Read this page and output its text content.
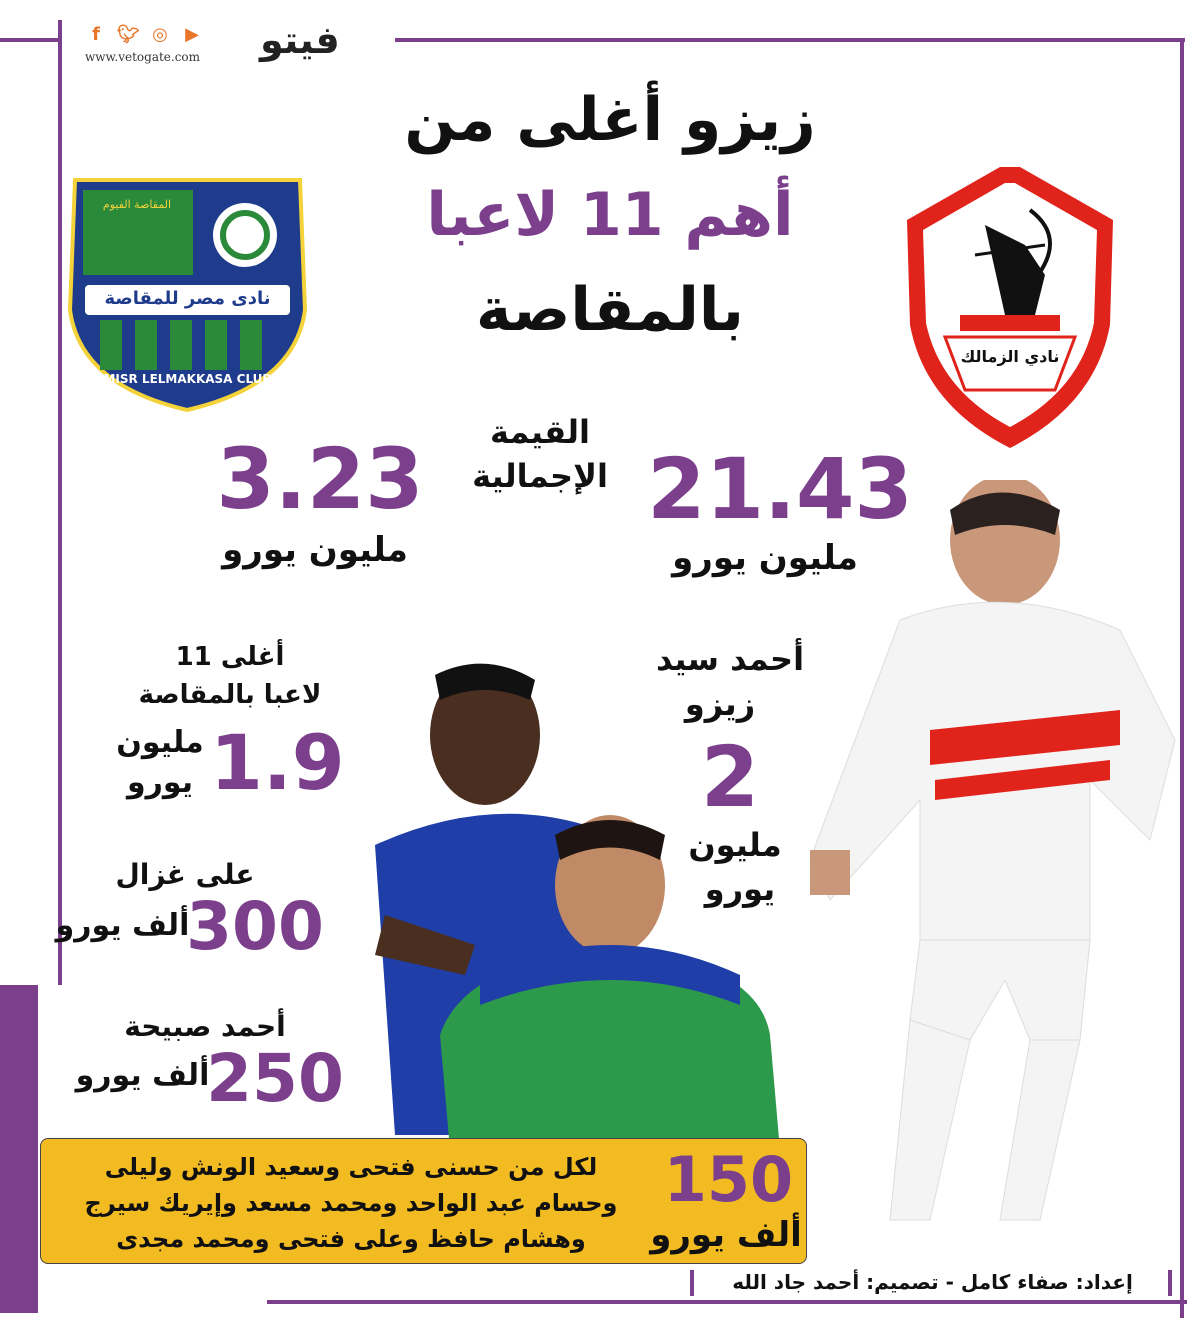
f 🐦︎ ◎ ▶
www.vetogate.com فيتو
زيزو أغلى من
أهم 11 لاعبا
بالمقاصة
المقاصة الفيوم
نادى مصر للمقاصة
MISR LELMAKKASA CLUB
نادي الزمالك
القيمة الإجمالية 21.43
مليون يورو
3.23
مليون يورو
أحمد سيد
زيزو
2
مليون
يورو
أغلى 11
لاعبا بالمقاصة
1.9
مليون
يورو
على غزال
300
ألف يورو
أحمد صبيحة
250
ألف يورو
لكل من حسنى فتحى وسعيد الونش وليلى
وحسام عبد الواحد ومحمد مسعد وإيريك سيرج
وهشام حافظ وعلى فتحى ومحمد مجدى
150
ألف يورو
إعداد: صفاء كامل - تصميم: أحمد جاد الله
